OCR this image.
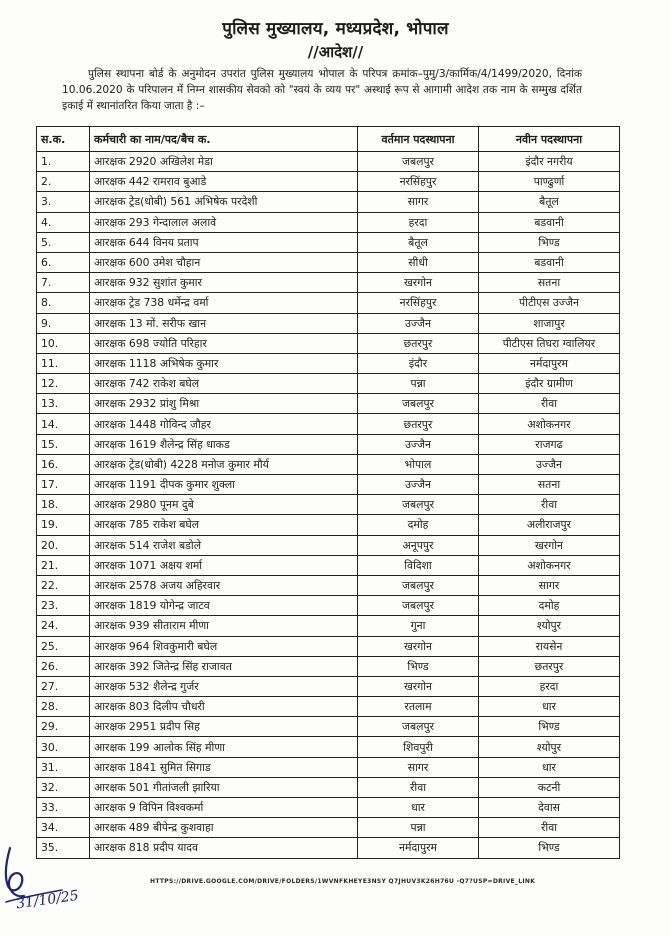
पुलिस मुख्यालय, मध्यप्रदेश, भोपाल
//आदेश//
पुलिस स्थापना बोर्ड के अनुमोदन उपरांत पुलिस मुख्यालय भोपाल के परिपत्र क्रमांक–पुमु/3/कार्मिक/4/1499/2020, दिनांक 10.06.2020 के परिपालन में निम्न शासकीय सेवको को "स्वयं के व्यय पर" अस्थाई रूप से आगामी आदेश तक नाम के सम्मुख दर्शित इकाई में स्थानांतरित किया जाता है :–
स.क.	कर्मचारी का नाम/पद/बैच क.	वर्तमान पदस्थापना	नवीन पदस्थापना
1.	आरक्षक 2920 अखिलेश मेडा	जबलपुर	इंदौर नगरीय
2.	आरक्षक 442 रामराव बुआडे	नरसिंहपुर	पाण्ढुर्णा
3.	आरक्षक ट्रेड(धोबी) 561 अभिषेक परदेशी	सागर	बैतूल
4.	आरक्षक 293 गेन्दालाल अलावे	हरदा	बडवानी
5.	आरक्षक 644 विनय प्रताप	बैतूल	भिण्ड
6.	आरक्षक 600 उमेश चौहान	सीधी	बडवानी
7.	आरक्षक 932 सुशांत कुमार	खरगोन	सतना
8.	आरक्षक ट्रेड 738 धर्मेन्द्र वर्मा	नरसिंहपुर	पीटीएस उज्जैन
9.	आरक्षक 13 मों. सरीफ खान	उज्जैन	शाजापुर
10.	आरक्षक 698 ज्योति परिहार	छतरपुर	पीटीएस तिघरा ग्वालियर
11.	आरक्षक 1118 अभिषेक कुमार	इंदौर	नर्मदापुरम
12.	आरक्षक 742 राकेश बघेल	पन्ना	इंदौर ग्रामीण
13.	आरक्षक 2932 प्रांशु मिश्रा	जबलपुर	रीवा
14.	आरक्षक 1448 गोविन्द जौहर	छतरपुर	अशोकनगर
15.	आरक्षक 1619 शैलेन्द्र सिंह धाकड	उज्जैन	राजगढ
16.	आरक्षक ट्रेड(धोबी) 4228 मनोज कुमार मौर्य	भोपाल	उज्जैन
17.	आरक्षक 1191 दीपक कुमार शुक्ला	उज्जैन	सतना
18.	आरक्षक 2980 पूनम दुबे	जबलपुर	रीवा
19.	आरक्षक 785 राकेश बघेल	दमोह	अलीराजपुर
20.	आरक्षक 514 राजेश बडोले	अनूपपुर	खरगोन
21.	आरक्षक 1071 अक्षय शर्मा	विदिशा	अशोकनगर
22.	आरक्षक 2578 अजय अहिरवार	जबलपुर	सागर
23.	आरक्षक 1819 योगेन्द्र जाटव	जबलपुर	दमोह
24.	आरक्षक 939 सीताराम मीणा	गुना	श्योपुर
25.	आरक्षक 964 शिवकुमारी बघेल	खरगोन	रायसेन
26.	आरक्षक 392 जितेन्द्र सिंह राजावत	भिण्ड	छतरपुर
27.	आरक्षक 532 शैलेन्द्र गुर्जर	खरगोन	हरदा
28.	आरक्षक 803 दिलीप चौधरी	रतलाम	धार
29.	आरक्षक 2951 प्रदीप सिह	जबलपुर	भिण्ड
30.	आरक्षक 199 आलोक सिंह मीणा	शिवपुरी	श्योपुर
31.	आरक्षक 1841 सुमित सिगाड	सागर	धार
32.	आरक्षक 501 गीतांजली झारिया	रीवा	कटनी
33.	आरक्षक 9 विपिन विश्वकर्मा	धार	देवास
34.	आरक्षक 489 बीपेन्द्र कुशवाहा	पन्ना	रीवा
35.	आरक्षक 818 प्रदीप यादव	नर्मदापुरम	भिण्ड
HTTPS://DRIVE.GOOGLE.COM/DRIVE/FOLDERS/1WVNFKHEYE3NSY Q7JHUV3K26H76U -Q7?USP=DRIVE_LINK
31/10/25
